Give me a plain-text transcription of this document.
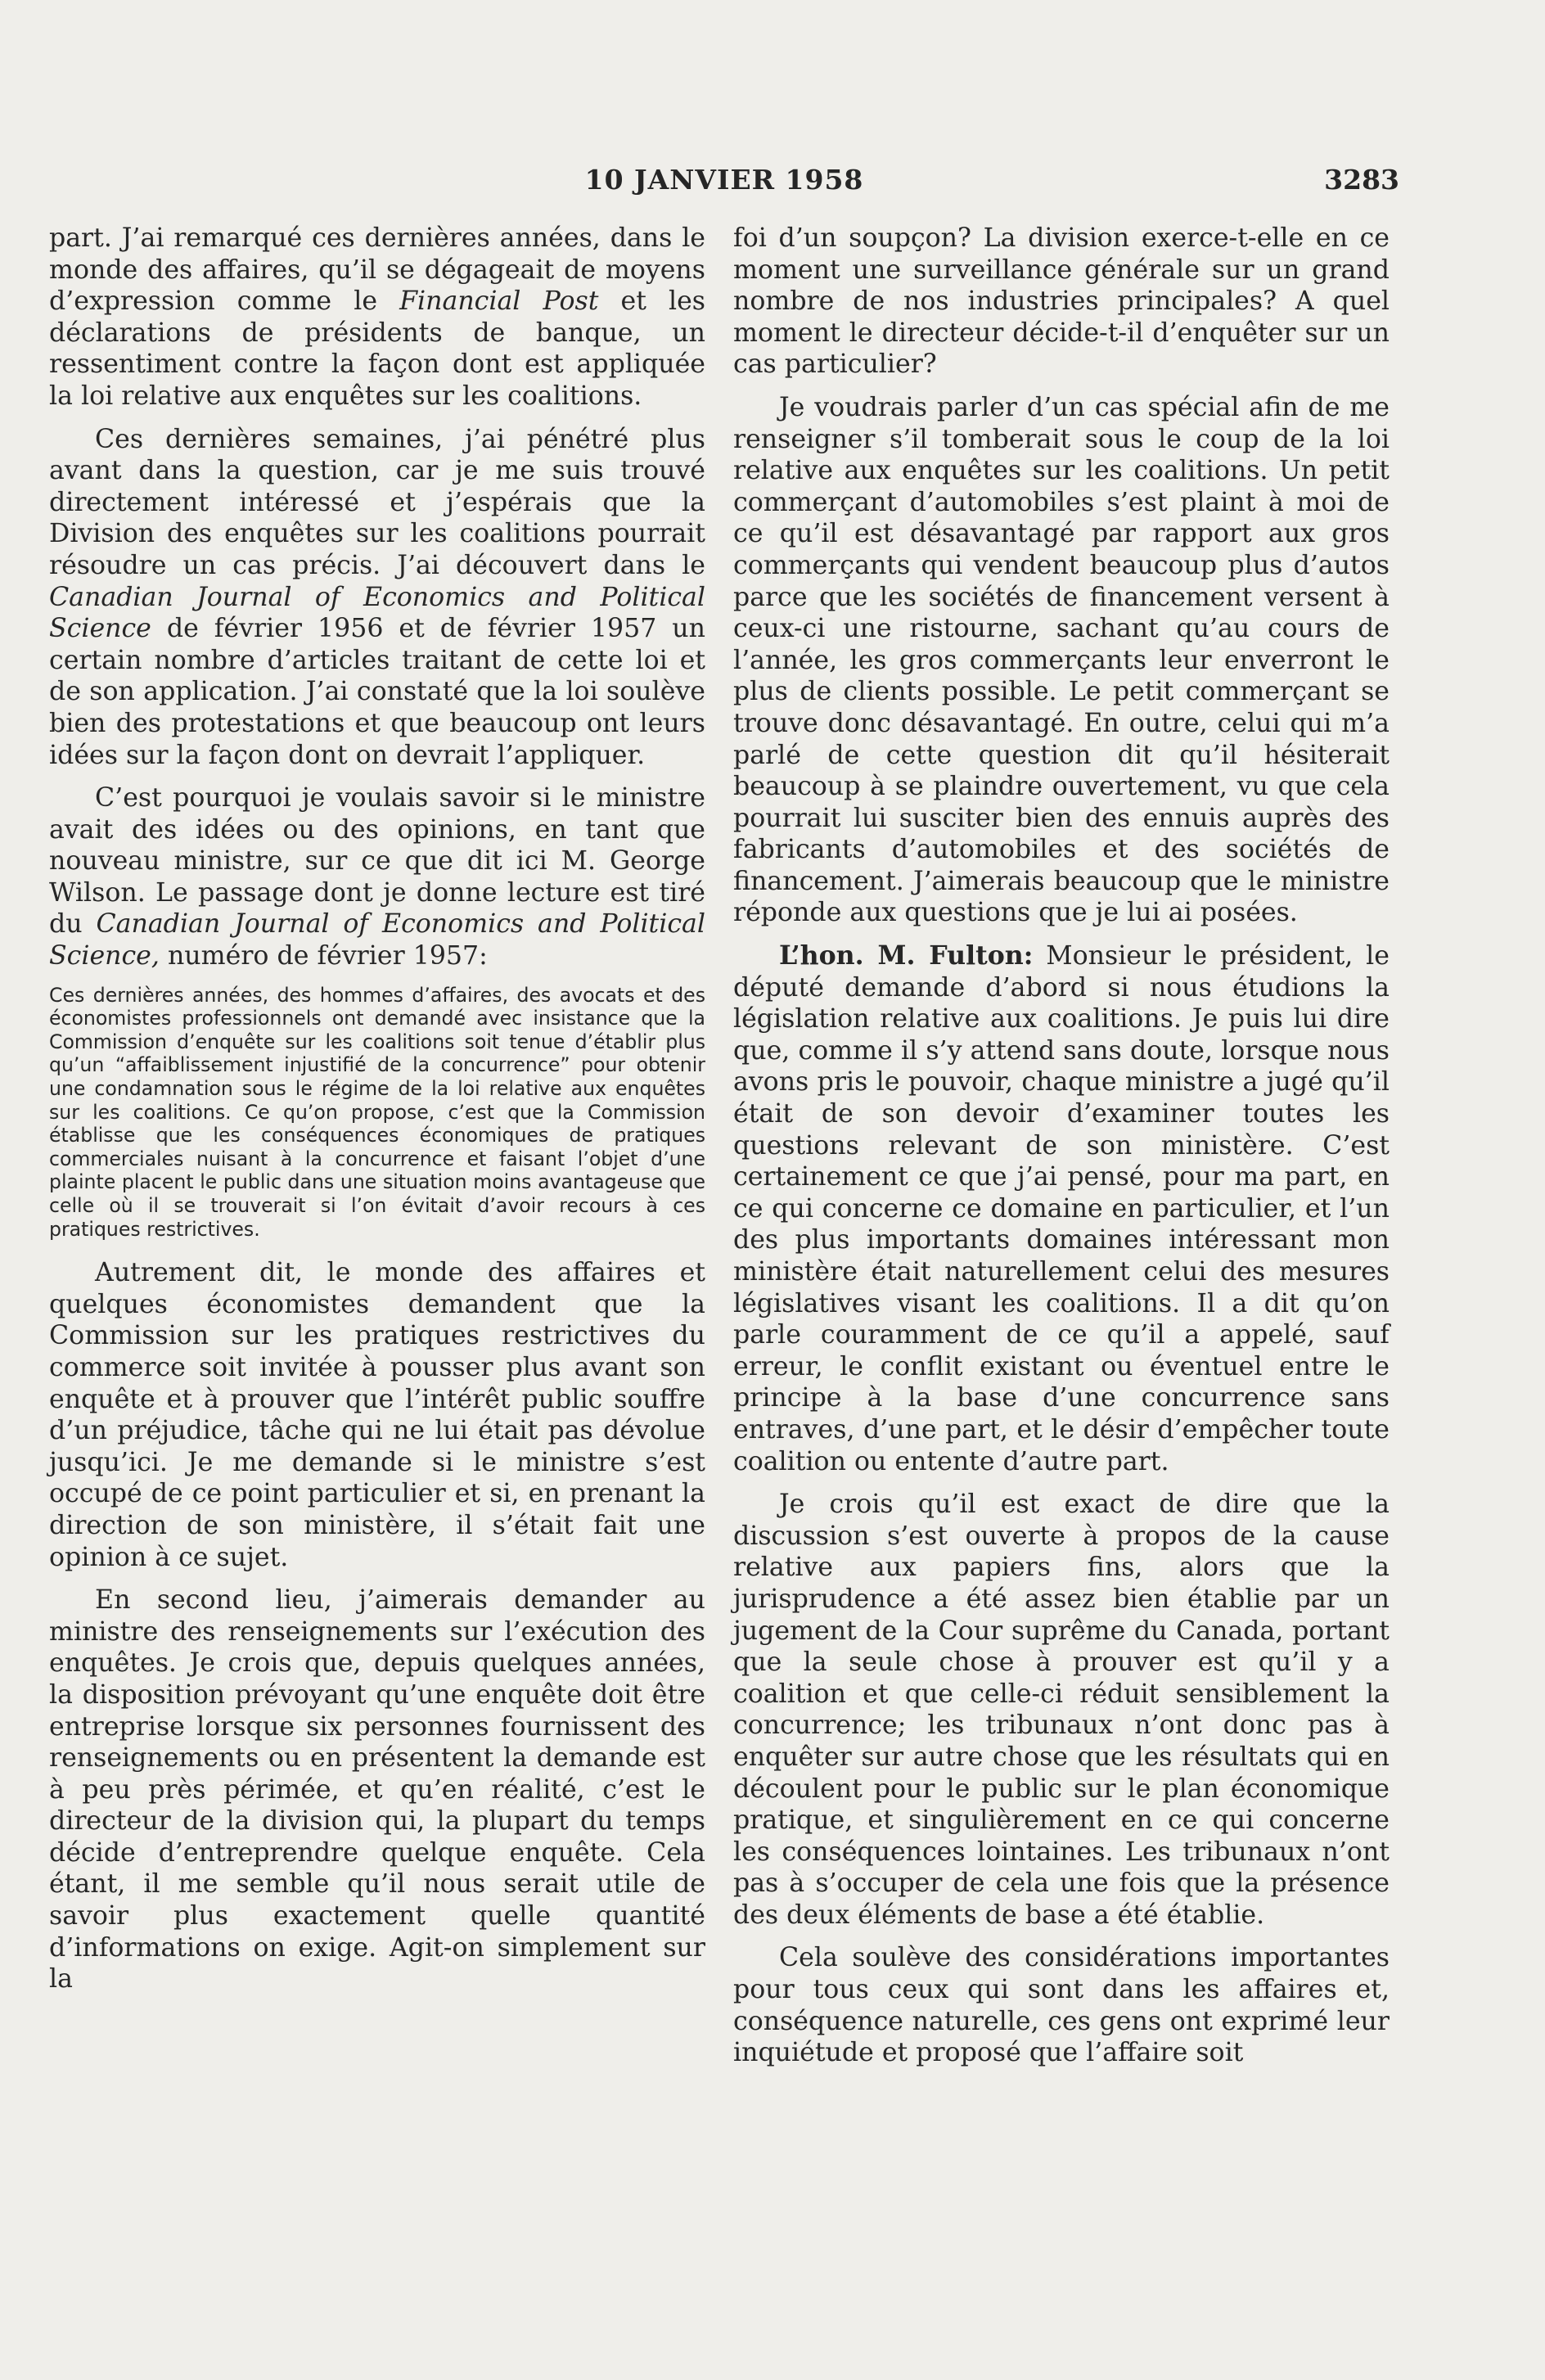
10 JANVIER 1958	3283

part. J’ai remarqué ces dernières années, dans le monde des affaires, qu’il se dégageait de moyens d’expression comme le Financial Post et les déclarations de présidents de banque, un ressentiment contre la façon dont est appliquée la loi relative aux enquêtes sur les coalitions.

Ces dernières semaines, j’ai pénétré plus avant dans la question, car je me suis trouvé directement intéressé et j’espérais que la Division des enquêtes sur les coalitions pourrait résoudre un cas précis. J’ai découvert dans le Canadian Journal of Economics and Political Science de février 1956 et de février 1957 un certain nombre d’articles traitant de cette loi et de son application. J’ai constaté que la loi soulève bien des protestations et que beaucoup ont leurs idées sur la façon dont on devrait l’appliquer.

C’est pourquoi je voulais savoir si le ministre avait des idées ou des opinions, en tant que nouveau ministre, sur ce que dit ici M. George Wilson. Le passage dont je donne lecture est tiré du Canadian Journal of Economics and Political Science, numéro de février 1957:

Ces dernières années, des hommes d’affaires, des avocats et des économistes professionnels ont demandé avec insistance que la Commission d’enquête sur les coalitions soit tenue d’établir plus qu’un “affaiblissement injustifié de la concurrence” pour obtenir une condamnation sous le régime de la loi relative aux enquêtes sur les coalitions. Ce qu’on propose, c’est que la Commission établisse que les conséquences économiques de pratiques commerciales nuisant à la concurrence et faisant l’objet d’une plainte placent le public dans une situation moins avantageuse que celle où il se trouverait si l’on évitait d’avoir recours à ces pratiques restrictives.

Autrement dit, le monde des affaires et quelques économistes demandent que la Commission sur les pratiques restrictives du commerce soit invitée à pousser plus avant son enquête et à prouver que l’intérêt public souffre d’un préjudice, tâche qui ne lui était pas dévolue jusqu’ici. Je me demande si le ministre s’est occupé de ce point particulier et si, en prenant la direction de son ministère, il s’était fait une opinion à ce sujet.

En second lieu, j’aimerais demander au ministre des renseignements sur l’exécution des enquêtes. Je crois que, depuis quelques années, la disposition prévoyant qu’une enquête doit être entreprise lorsque six personnes fournissent des renseignements ou en présentent la demande est à peu près périmée, et qu’en réalité, c’est le directeur de la division qui, la plupart du temps décide d’entreprendre quelque enquête. Cela étant, il me semble qu’il nous serait utile de savoir plus exactement quelle quantité d’informations on exige. Agit-on simplement sur la

foi d’un soupçon? La division exerce-t-elle en ce moment une surveillance générale sur un grand nombre de nos industries principales? A quel moment le directeur décide-t-il d’enquêter sur un cas particulier?

Je voudrais parler d’un cas spécial afin de me renseigner s’il tomberait sous le coup de la loi relative aux enquêtes sur les coalitions. Un petit commerçant d’automobiles s’est plaint à moi de ce qu’il est désavantagé par rapport aux gros commerçants qui vendent beaucoup plus d’autos parce que les sociétés de financement versent à ceux-ci une ristourne, sachant qu’au cours de l’année, les gros commerçants leur enverront le plus de clients possible. Le petit commerçant se trouve donc désavantagé. En outre, celui qui m’a parlé de cette question dit qu’il hésiterait beaucoup à se plaindre ouvertement, vu que cela pourrait lui susciter bien des ennuis auprès des fabricants d’automobiles et des sociétés de financement. J’aimerais beaucoup que le ministre réponde aux questions que je lui ai posées.

L’hon. M. Fulton: Monsieur le président, le député demande d’abord si nous étudions la législation relative aux coalitions. Je puis lui dire que, comme il s’y attend sans doute, lorsque nous avons pris le pouvoir, chaque ministre a jugé qu’il était de son devoir d’examiner toutes les questions relevant de son ministère. C’est certainement ce que j’ai pensé, pour ma part, en ce qui concerne ce domaine en particulier, et l’un des plus importants domaines intéressant mon ministère était naturellement celui des mesures législatives visant les coalitions. Il a dit qu’on parle couramment de ce qu’il a appelé, sauf erreur, le conflit existant ou éventuel entre le principe à la base d’une concurrence sans entraves, d’une part, et le désir d’empêcher toute coalition ou entente d’autre part.

Je crois qu’il est exact de dire que la discussion s’est ouverte à propos de la cause relative aux papiers fins, alors que la jurisprudence a été assez bien établie par un jugement de la Cour suprême du Canada, portant que la seule chose à prouver est qu’il y a coalition et que celle-ci réduit sensiblement la concurrence; les tribunaux n’ont donc pas à enquêter sur autre chose que les résultats qui en découlent pour le public sur le plan économique pratique, et singulièrement en ce qui concerne les conséquences lointaines. Les tribunaux n’ont pas à s’occuper de cela une fois que la présence des deux éléments de base a été établie.

Cela soulève des considérations importantes pour tous ceux qui sont dans les affaires et, conséquence naturelle, ces gens ont exprimé leur inquiétude et proposé que l’affaire soit
